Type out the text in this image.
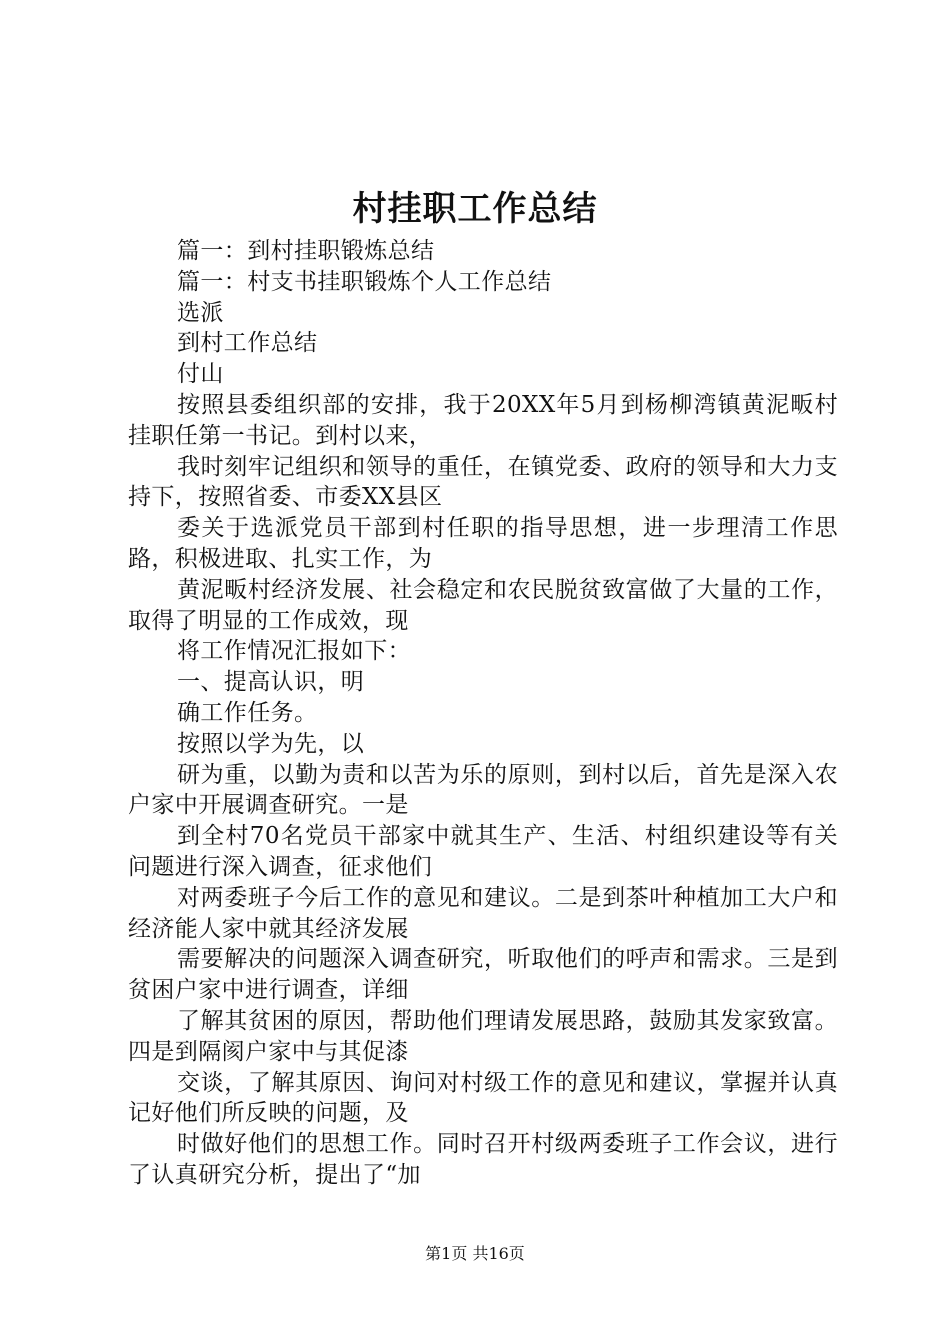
村挂职工作总结

篇一：到村挂职锻炼总结

篇一：村支书挂职锻炼个人工作总结

选派

到村工作总结

付山

按照县委组织部的安排，我于20XX年5月到杨柳湾镇黄泥畈村挂职任第一书记。到村以来，

我时刻牢记组织和领导的重任，在镇党委、政府的领导和大力支持下，按照省委、市委XX县区

委关于选派党员干部到村任职的指导思想，进一步理清工作思路，积极进取、扎实工作，为

黄泥畈村经济发展、社会稳定和农民脱贫致富做了大量的工作，取得了明显的工作成效，现

将工作情况汇报如下：

一、提高认识，明

确工作任务。

按照以学为先，以

研为重，以勤为责和以苦为乐的原则，到村以后，首先是深入农户家中开展调查研究。一是

到全村70名党员干部家中就其生产、生活、村组织建设等有关问题进行深入调查，征求他们

对两委班子今后工作的意见和建议。二是到茶叶种植加工大户和经济能人家中就其经济发展

需要解决的问题深入调查研究，听取他们的呼声和需求。三是到贫困户家中进行调查，详细

了解其贫困的原因，帮助他们理请发展思路，鼓励其发家致富。四是到隔阂户家中与其促漆

交谈，了解其原因、询问对村级工作的意见和建议，掌握并认真记好他们所反映的问题，及

时做好他们的思想工作。同时召开村级两委班子工作会议，进行了认真研究分析，提出了“加

第1页 共16页
